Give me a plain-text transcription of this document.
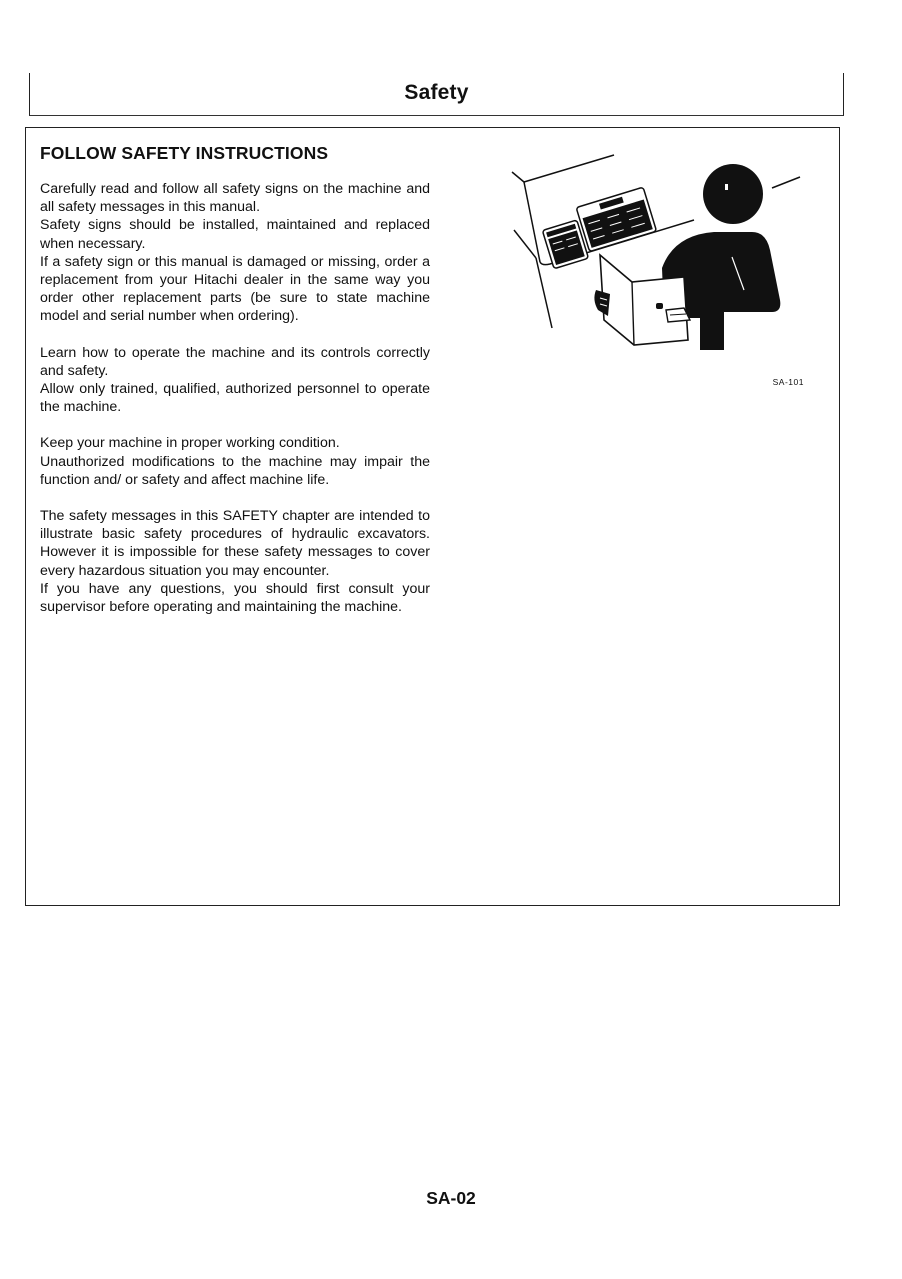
Safety
FOLLOW SAFETY INSTRUCTIONS

Carefully read and follow all safety signs on the machine and all safety messages in this manual.

Safety signs should be installed, maintained and replaced when necessary.

If a safety sign or this manual is damaged or missing, order a replacement from your Hitachi dealer in the same way you order other replacement parts (be sure to state machine model and serial number when ordering).

Learn how to operate the machine and its controls correctly and safety.

Allow only trained, qualified, authorized personnel to operate the machine.

Keep your machine in proper working condition.

Unauthorized modifications to the machine may impair the function and/ or safety and affect machine life.

The safety messages in this SAFETY chapter are intended to illustrate basic safety procedures of hydraulic excavators. However it is impossible for these safety messages to cover every hazardous situation you may encounter.

If you have any questions, you should first consult your supervisor before operating and maintaining the machine.

SA-101
SA-02
